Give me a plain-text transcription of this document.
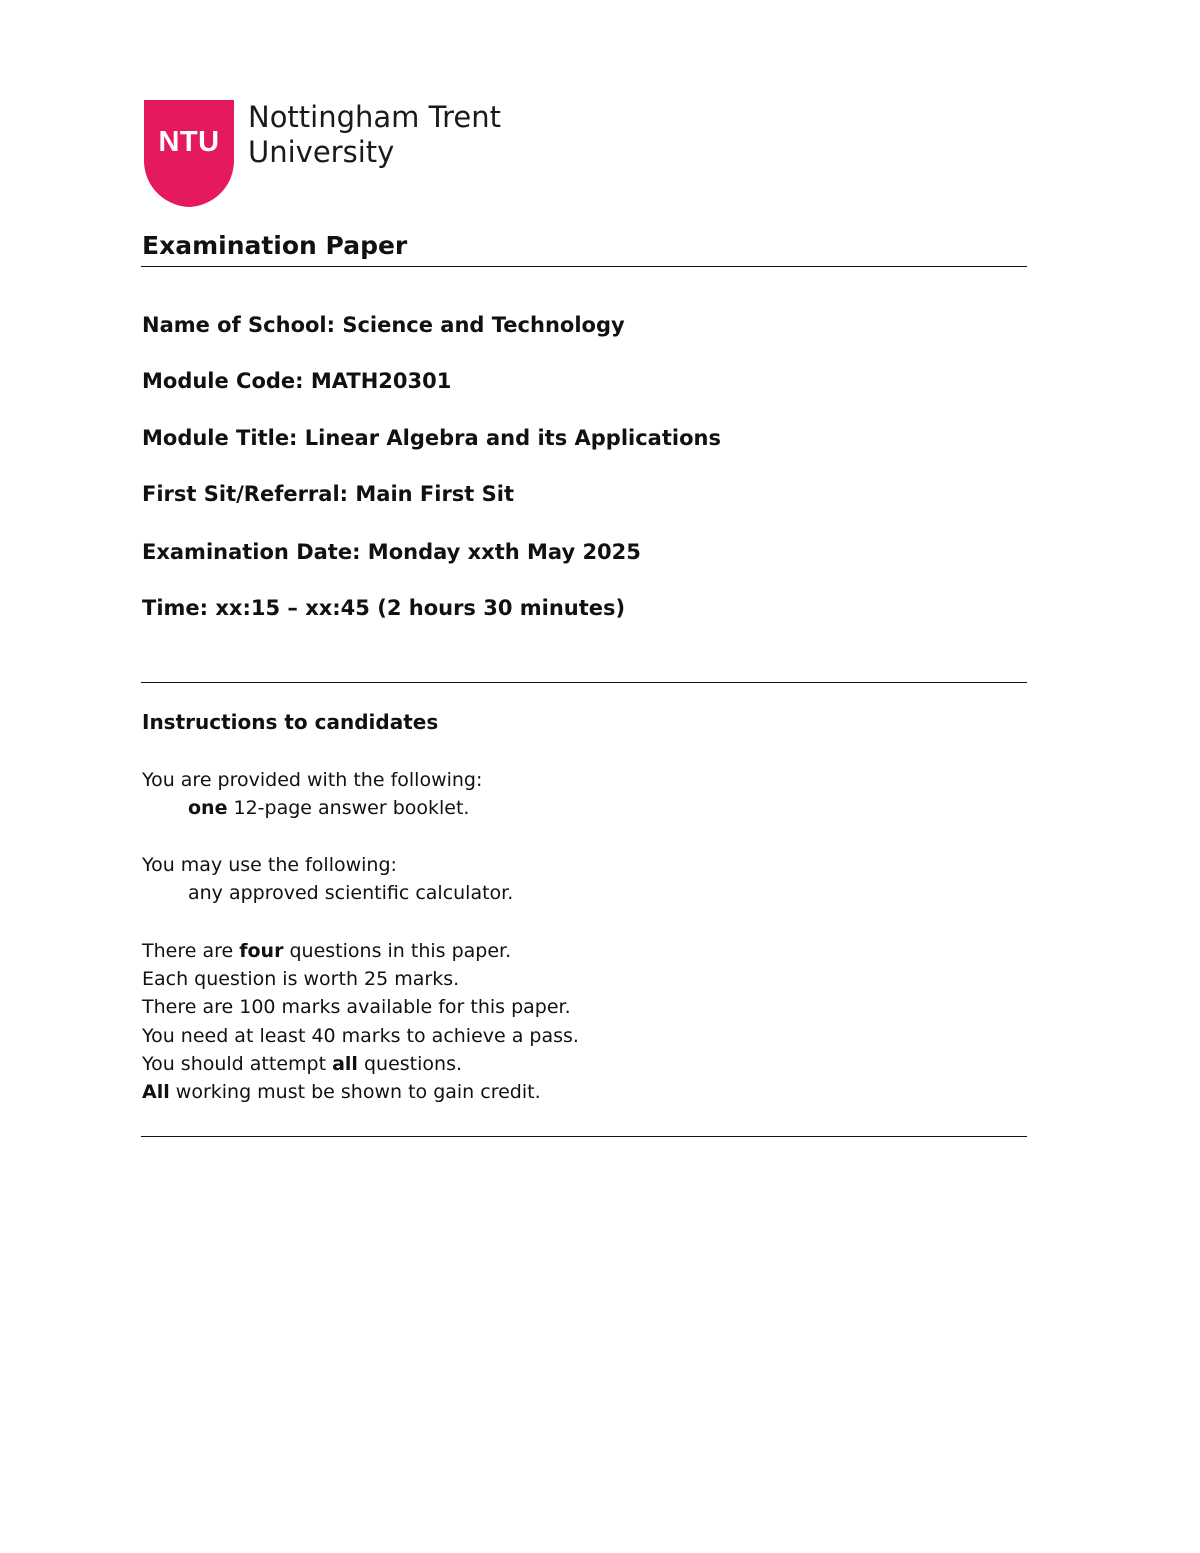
NTU
Nottingham Trent
University
Examination Paper
Name of School: Science and Technology
Module Code: MATH20301
Module Title: Linear Algebra and its Applications
First Sit/Referral: Main First Sit
Examination Date: Monday xxth May 2025
Time: xx:15 – xx:45 (2 hours 30 minutes)
Instructions to candidates
You are provided with the following:
one 12-page answer booklet.
You may use the following:
any approved scientific calculator.
There are four questions in this paper.
Each question is worth 25 marks.
There are 100 marks available for this paper.
You need at least 40 marks to achieve a pass.
You should attempt all questions.
All working must be shown to gain credit.
